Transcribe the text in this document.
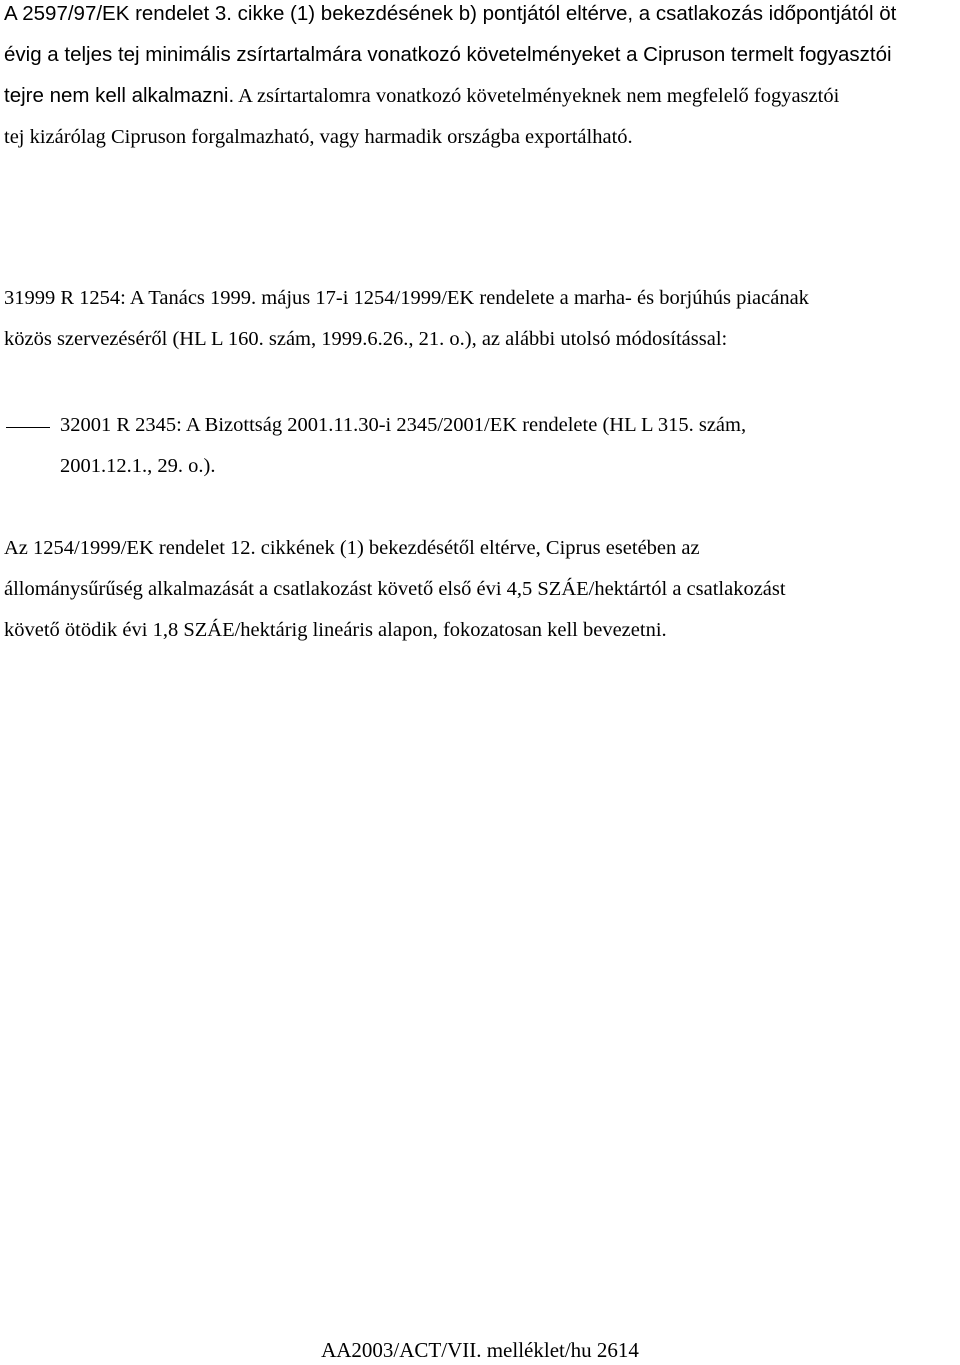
A 2597/97/EK rendelet 3. cikke (1) bekezdésének b) pontjától eltérve, a csatlakozás időpontjától öt
évig a teljes tej minimális zsírtartalmára vonatkozó követelményeket a Cipruson termelt fogyasztói
tejre nem kell alkalmazni. A zsírtartalomra vonatkozó követelményeknek nem megfelelő fogyasztói
tej kizárólag Cipruson forgalmazható, vagy harmadik országba exportálható.

31999 R 1254: A Tanács 1999. május 17-i 1254/1999/EK rendelete a marha- és borjúhús piacának
közös szervezéséről (HL L 160. szám, 1999.6.26., 21. o.), az alábbi utolsó módosítással:

32001 R 2345: A Bizottság 2001.11.30-i 2345/2001/EK rendelete (HL L 315. szám,
2001.12.1., 29. o.).

Az 1254/1999/EK rendelet 12. cikkének (1) bekezdésétől eltérve, Ciprus esetében az
állománysűrűség alkalmazását a csatlakozást követő első évi 4,5 SZÁE/hektártól a csatlakozást
követő ötödik évi 1,8 SZÁE/hektárig lineáris alapon, fokozatosan kell bevezetni.

AA2003/ACT/VII. melléklet/hu 2614
